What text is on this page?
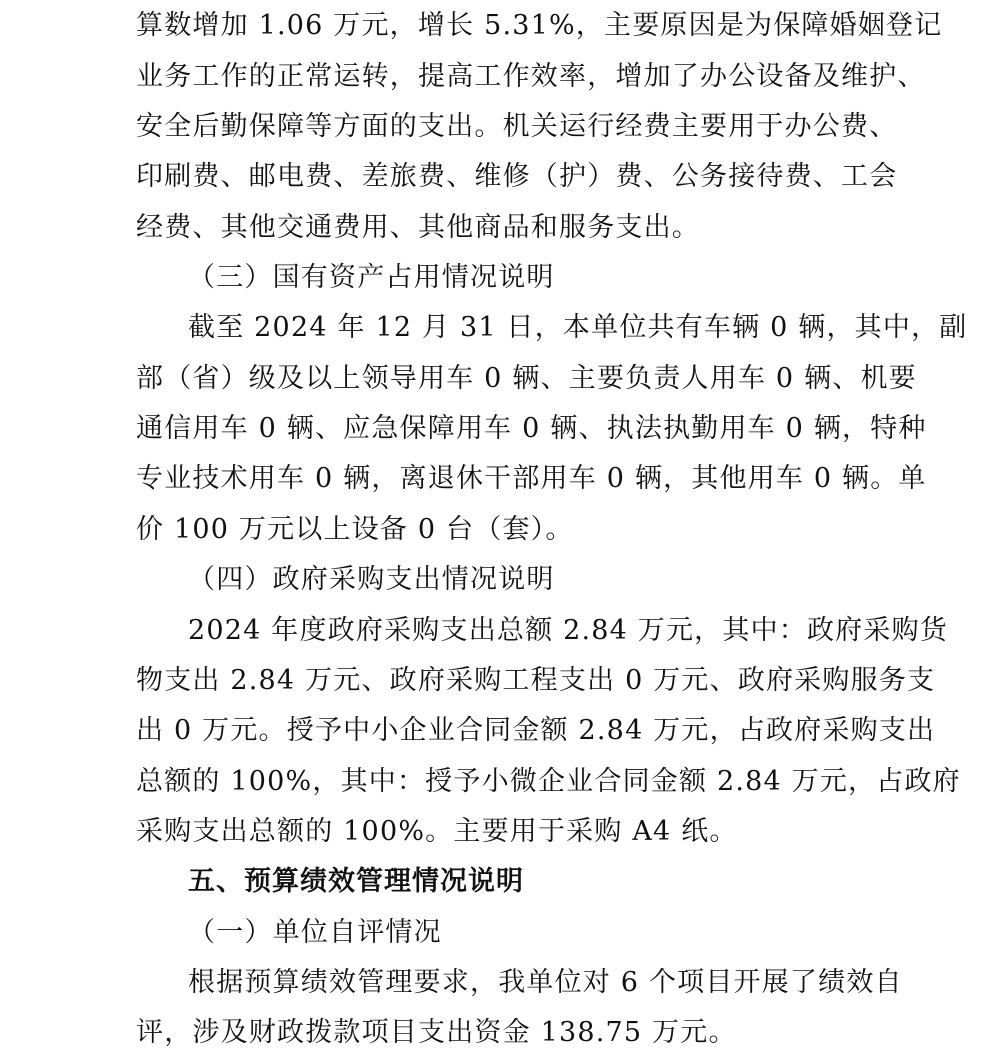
算数增加 1.06 万元，增长 5.31%，主要原因是为保障婚姻登记
业务工作的正常运转，提高工作效率，增加了办公设备及维护、
安全后勤保障等方面的支出。机关运行经费主要用于办公费、
印刷费、邮电费、差旅费、维修（护）费、公务接待费、工会
经费、其他交通费用、其他商品和服务支出。
（三）国有资产占用情况说明
截至 2024 年 12 月 31 日，本单位共有车辆 0 辆，其中，副
部（省）级及以上领导用车 0 辆、主要负责人用车 0 辆、机要
通信用车 0 辆、应急保障用车 0 辆、执法执勤用车 0 辆，特种
专业技术用车 0 辆，离退休干部用车 0 辆，其他用车 0 辆。单
价 100 万元以上设备 0 台（套）。
（四）政府采购支出情况说明
2024 年度政府采购支出总额 2.84 万元，其中：政府采购货
物支出 2.84 万元、政府采购工程支出 0 万元、政府采购服务支
出 0 万元。授予中小企业合同金额 2.84 万元，占政府采购支出
总额的 100%，其中：授予小微企业合同金额 2.84 万元，占政府
采购支出总额的 100%。主要用于采购 A4 纸。
五、预算绩效管理情况说明
（一）单位自评情况
根据预算绩效管理要求，我单位对 6 个项目开展了绩效自
评，涉及财政拨款项目支出资金 138.75 万元。
